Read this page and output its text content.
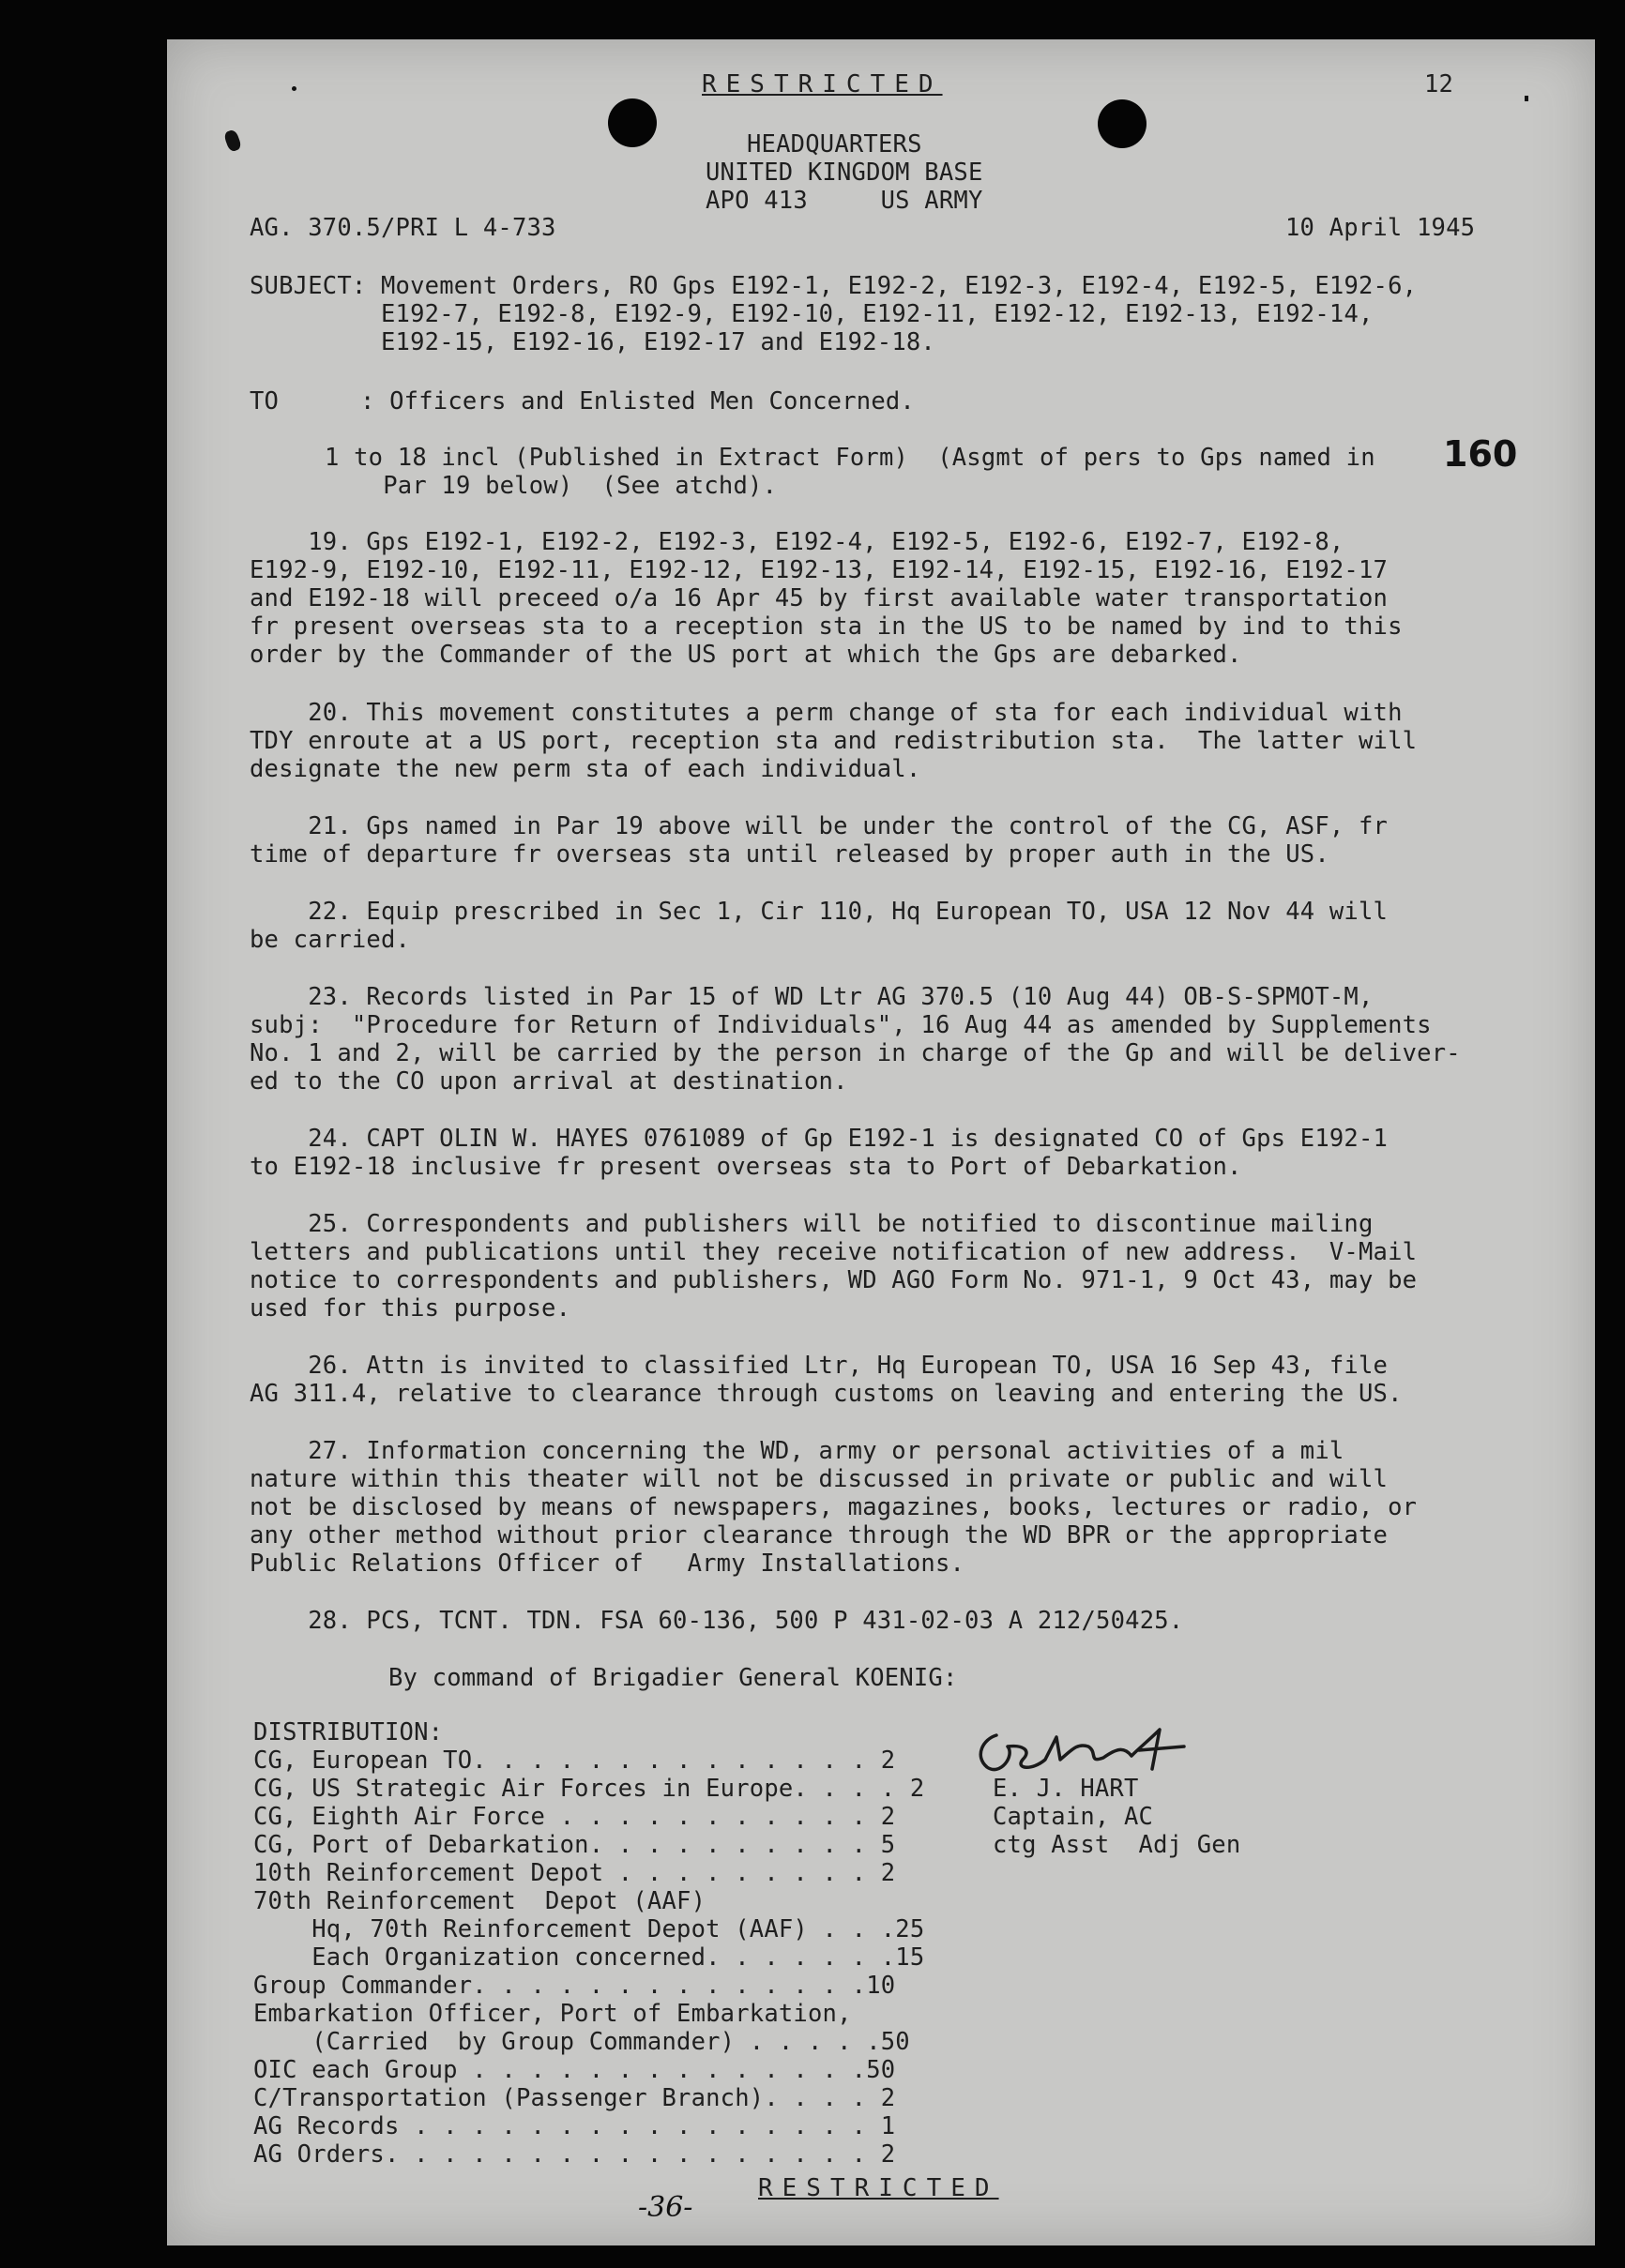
RESTRICTED	12
HEADQUARTERS
UNITED KINGDOM BASE
APO 413     US ARMY
AG. 370.5/PRI L 4-733	10 April 1945
SUBJECT: Movement Orders, RO Gps E192-1, E192-2, E192-3, E192-4, E192-5, E192-6,
E192-7, E192-8, E192-9, E192-10, E192-11, E192-12, E192-13, E192-14,
E192-15, E192-16, E192-17 and E192-18.
TO	: Officers and Enlisted Men Concerned.
160
1 to 18 incl (Published in Extract Form)  (Asgmt of pers to Gps named in
Par 19 below)  (See atchd).
19. Gps E192-1, E192-2, E192-3, E192-4, E192-5, E192-6, E192-7, E192-8,
E192-9, E192-10, E192-11, E192-12, E192-13, E192-14, E192-15, E192-16, E192-17
and E192-18 will preceed o/a 16 Apr 45 by first available water transportation
fr present overseas sta to a reception sta in the US to be named by ind to this
order by the Commander of the US port at which the Gps are debarked.
20. This movement constitutes a perm change of sta for each individual with
TDY enroute at a US port, reception sta and redistribution sta.  The latter will
designate the new perm sta of each individual.
21. Gps named in Par 19 above will be under the control of the CG, ASF, fr
time of departure fr overseas sta until released by proper auth in the US.
22. Equip prescribed in Sec 1, Cir 110, Hq European TO, USA 12 Nov 44 will
be carried.
23. Records listed in Par 15 of WD Ltr AG 370.5 (10 Aug 44) OB-S-SPMOT-M,
subj:  "Procedure for Return of Individuals", 16 Aug 44 as amended by Supplements
No. 1 and 2, will be carried by the person in charge of the Gp and will be deliver-
ed to the CO upon arrival at destination.
24. CAPT OLIN W. HAYES 0761089 of Gp E192-1 is designated CO of Gps E192-1
to E192-18 inclusive fr present overseas sta to Port of Debarkation.
25. Correspondents and publishers will be notified to discontinue mailing
letters and publications until they receive notification of new address.  V-Mail
notice to correspondents and publishers, WD AGO Form No. 971-1, 9 Oct 43, may be
used for this purpose.
26. Attn is invited to classified Ltr, Hq European TO, USA 16 Sep 43, file
AG 311.4, relative to clearance through customs on leaving and entering the US.
27. Information concerning the WD, army or personal activities of a mil
nature within this theater will not be discussed in private or public and will
not be disclosed by means of newspapers, magazines, books, lectures or radio, or
any other method without prior clearance through the WD BPR or the appropriate
Public Relations Officer of   Army Installations.
28. PCS, TCNT. TDN. FSA 60-136, 500 P 431-02-03 A 212/50425.
By command of Brigadier General KOENIG:
DISTRIBUTION:
CG, European TO. . . . . . . . . . . . . . 2
CG, US Strategic Air Forces in Europe. . . . 2
CG, Eighth Air Force . . . . . . . . . . . 2
CG, Port of Debarkation. . . . . . . . . . 5
10th Reinforcement Depot . . . . . . . . . 2
70th Reinforcement  Depot (AAF)
Hq, 70th Reinforcement Depot (AAF) . . .25
Each Organization concerned. . . . . . .15
Group Commander. . . . . . . . . . . . . .10
Embarkation Officer, Port of Embarkation,
(Carried  by Group Commander) . . . . .50
OIC each Group . . . . . . . . . . . . . .50
C/Transportation (Passenger Branch). . . . 2
AG Records . . . . . . . . . . . . . . . . 1
AG Orders. . . . . . . . . . . . . . . . . 2
E. J. HART
Captain, AC
ctg Asst  Adj Gen
-36-
RESTRICTED
